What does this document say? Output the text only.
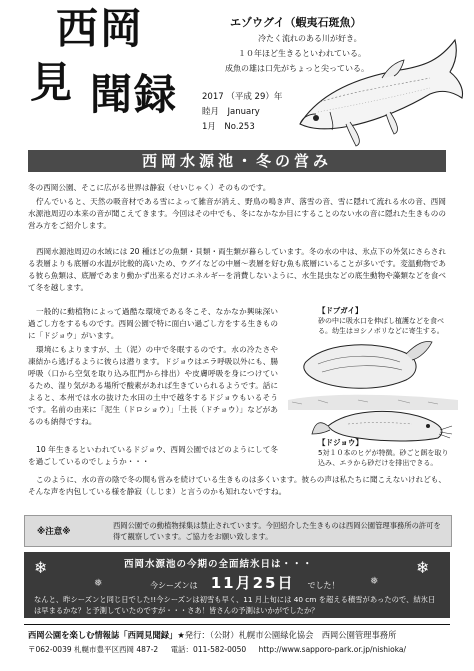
西岡
見 聞録
エゾウグイ（蝦夷石斑魚）
冷たく流れのある川が好き。
１０年ほど生きるといわれている。
成魚の雄は口先がちょっと尖っている。
2017 （平成 29）年
睦月　January
1月　No.253
西岡水源池・冬の営み
冬の西岡公園、そこに広がる世界は静寂（せいじゃく）そのものです。
佇んでいると、天然の吸音材である雪によって雑音が消え、野鳥の鳴き声、落雪の音、雪に隠れて流れる水の音、西岡水源池周辺の本来の音が聞こえてきます。今回はその中でも、冬になかなか目にすることのない水の音に隠れた生きものの営み方をご紹介します。
西岡水源池周辺の水域には 20 種ほどの魚類・貝類・両生類が暮らしています。冬の水の中は、氷点下の外気にさらされる表層よりも底層の水温が比較的高いため、ウグイなどの中層〜表層を好む魚も底層にいることが多いです。変温動物である彼ら魚類は、底層であまり動かず出来るだけエネルギーを消費しないように、水生昆虫などの底生動物や藻類などを食べて冬を越します。
一般的に動植物によって過酷な環境である冬こそ、なかなか興味深い過ごし方をするものです。西岡公園で特に面白い過ごし方をする生きものに「ドジョウ」がいます。
環境にもよりますが、土（泥）の中で冬眠するのです。水の冷たさや凍結から逃げるように彼らは潜ります。ドジョウはエラ呼吸以外にも、腸呼吸（口から空気を取り込み肛門から排出）や皮膚呼吸を身につけているため、湿り気がある場所で酸素があれば生きていられるようです。話によると、本州では水の抜けた水田の土中で越冬するドジョウもいるそうです。名前の由来に「泥生（ドロショウ）」「土長（ドチョウ）」などがあるのも納得ですね。
10 年生きるといわれているドジョウ、西岡公園ではどのようにして冬を過ごしているのでしょうか・・・
【ドブガイ】
砂の中に吸水口を伸ばし植護などを食べる。幼生はヨシノボリなどに寄生する。
【ドジョウ】
5対１０本のヒゲが特徴。砂ごと餌を取り込み、エラから砂だけを排出できる。
このように、水の音の陰で冬の間も営みを続けている生きものは多くいます。彼らの声は私たちに聞こえないけれども、そんな声を内包している様を静寂（しじま）と言うのかも知れないですね。
※注意※
西岡公園での動植物採集は禁止されています。今回紹介した生きものは西岡公園管理事務所の許可を得て観察しています。ご協力をお願い致します。
❄	❄
❅	❅
西岡水源池の今期の全面結氷日は・・・
今シーズンは 11月25日 でした！
なんと、昨シーズンと同じ日でした!!今シーズンは初雪も早く、11 月上旬には 40 cm を超える積雪があったので、結氷日は早まるかな？と予測していたのですが・・・さあ！皆さんの予測はいかがでしたか？
西岡公園を楽しむ情報誌「西岡見聞録」★発行：（公財）札幌市公園緑化協会　西岡公園管理事務所
〒062-0039 札幌市豊平区西岡 487-2 電話：011-582-0050 http://www.sapporo-park.or.jp/nishioka/
